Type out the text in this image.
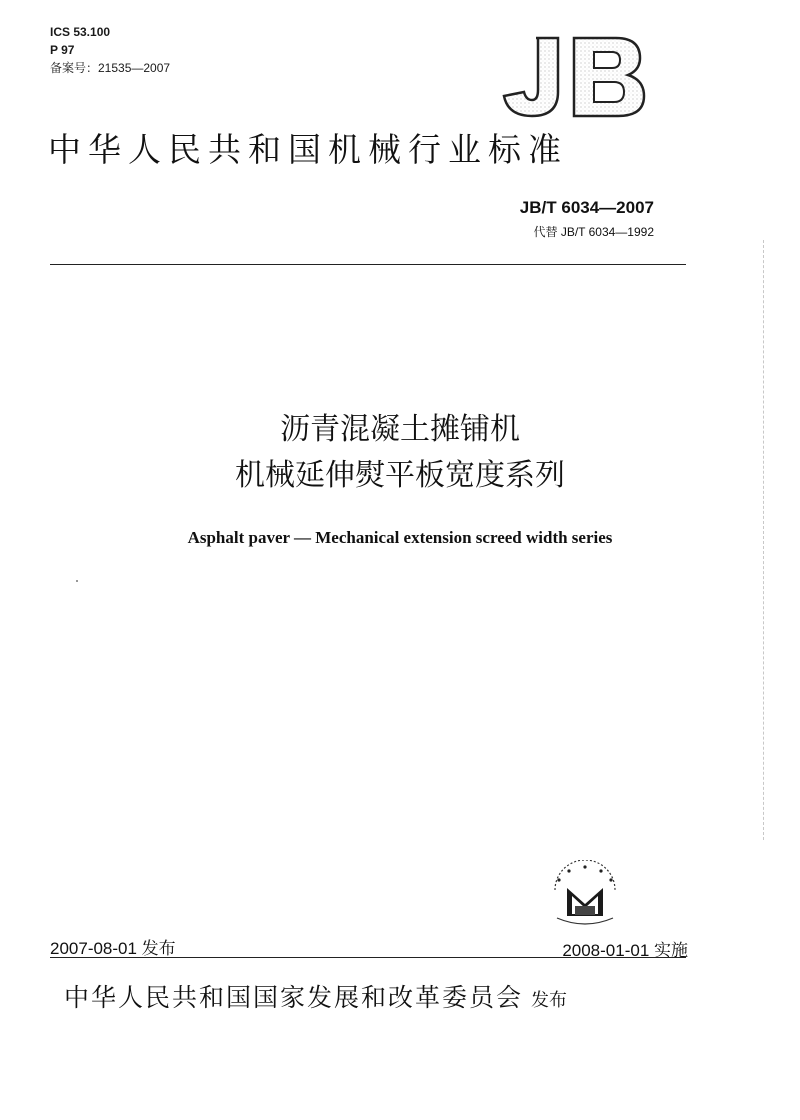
ICS 53.100
P 97
备案号：21535—2007
中华人民共和国机械行业标准
JB/T 6034—2007
代替 JB/T 6034—1992
沥青混凝土摊铺机
机械延伸熨平板宽度系列
Asphalt paver — Mechanical extension screed width series
2007-08-01 发布	2008-01-01 实施
中华人民共和国国家发展和改革委员会 发布
